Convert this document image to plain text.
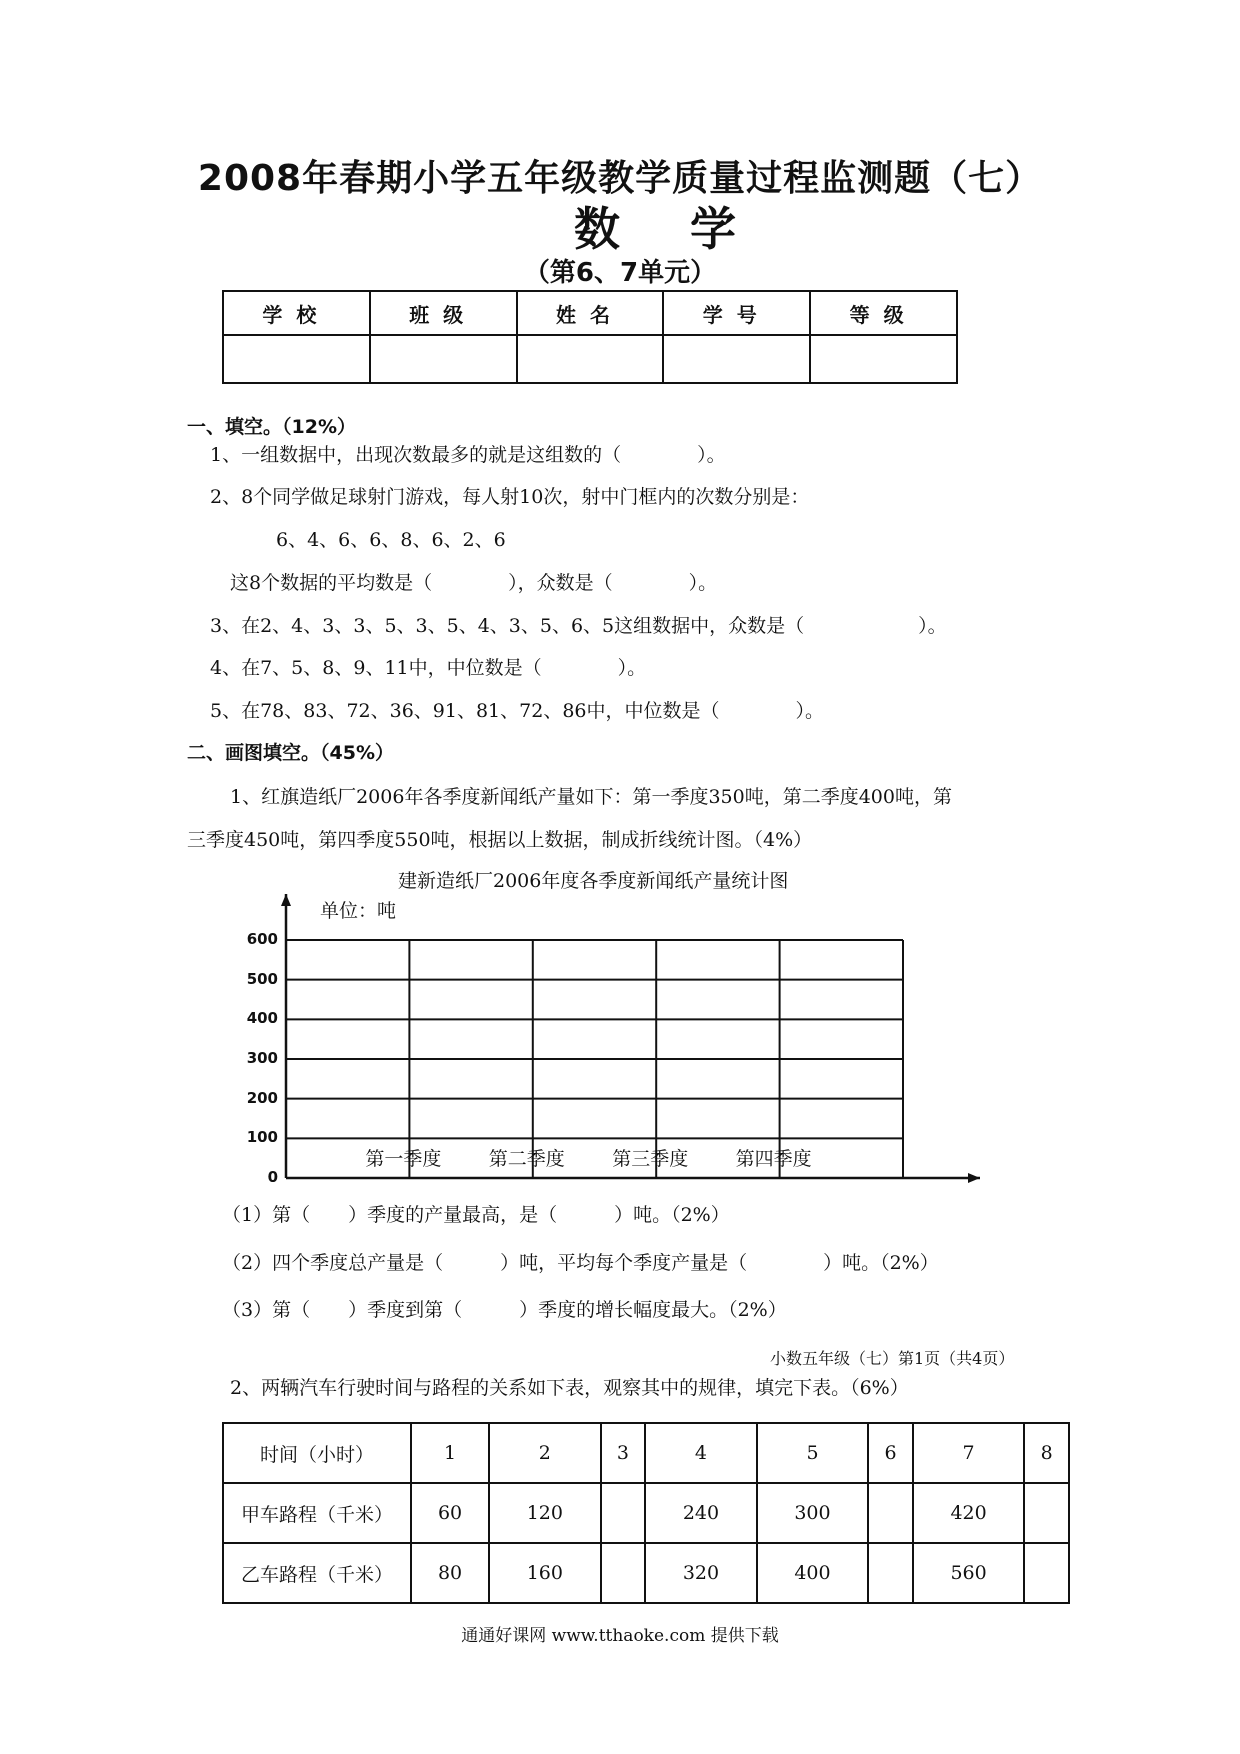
2008年春期小学五年级教学质量过程监测题（七）
数学
（第6、7单元）
学校	班级	姓名	学号	等级

一、填空。（12%）
1、一组数据中，出现次数最多的就是这组数的（　　　　）。
2、8个同学做足球射门游戏，每人射10次，射中门框内的次数分别是：
6、4、6、6、8、6、2、6
这8个数据的平均数是（　　　　），众数是（　　　　）。
3、在2、4、3、3、5、3、5、4、3、5、6、5这组数据中，众数是（　　　　　　）。
4、在7、5、8、9、11中，中位数是（　　　　）。
5、在78、83、72、36、91、81、72、86中，中位数是（　　　　）。
二、画图填空。（45%）
1、红旗造纸厂2006年各季度新闻纸产量如下：第一季度350吨，第二季度400吨，第
三季度450吨，第四季度550吨，根据以上数据，制成折线统计图。（4%）
建新造纸厂2006年度各季度新闻纸产量统计图
单位：吨
0
100
200
300
400
500
600
第一季度 第二季度 第三季度 第四季度
（1）第（　　）季度的产量最高，是（　　　）吨。（2%）
（2）四个季度总产量是（　　　）吨，平均每个季度产量是（　　　　）吨。（2%）
（3）第（　　）季度到第（　　　）季度的增长幅度最大。（2%）
小数五年级（七）第1页（共4页）
2、两辆汽车行驶时间与路程的关系如下表，观察其中的规律，填完下表。（6%）
时间（小时）	1	2	3	4	5	6	7	8
甲车路程（千米）	60	120		240	300		420	
乙车路程（千米）	80	160		320	400		560	
通通好课网 www.tthaoke.com 提供下载
